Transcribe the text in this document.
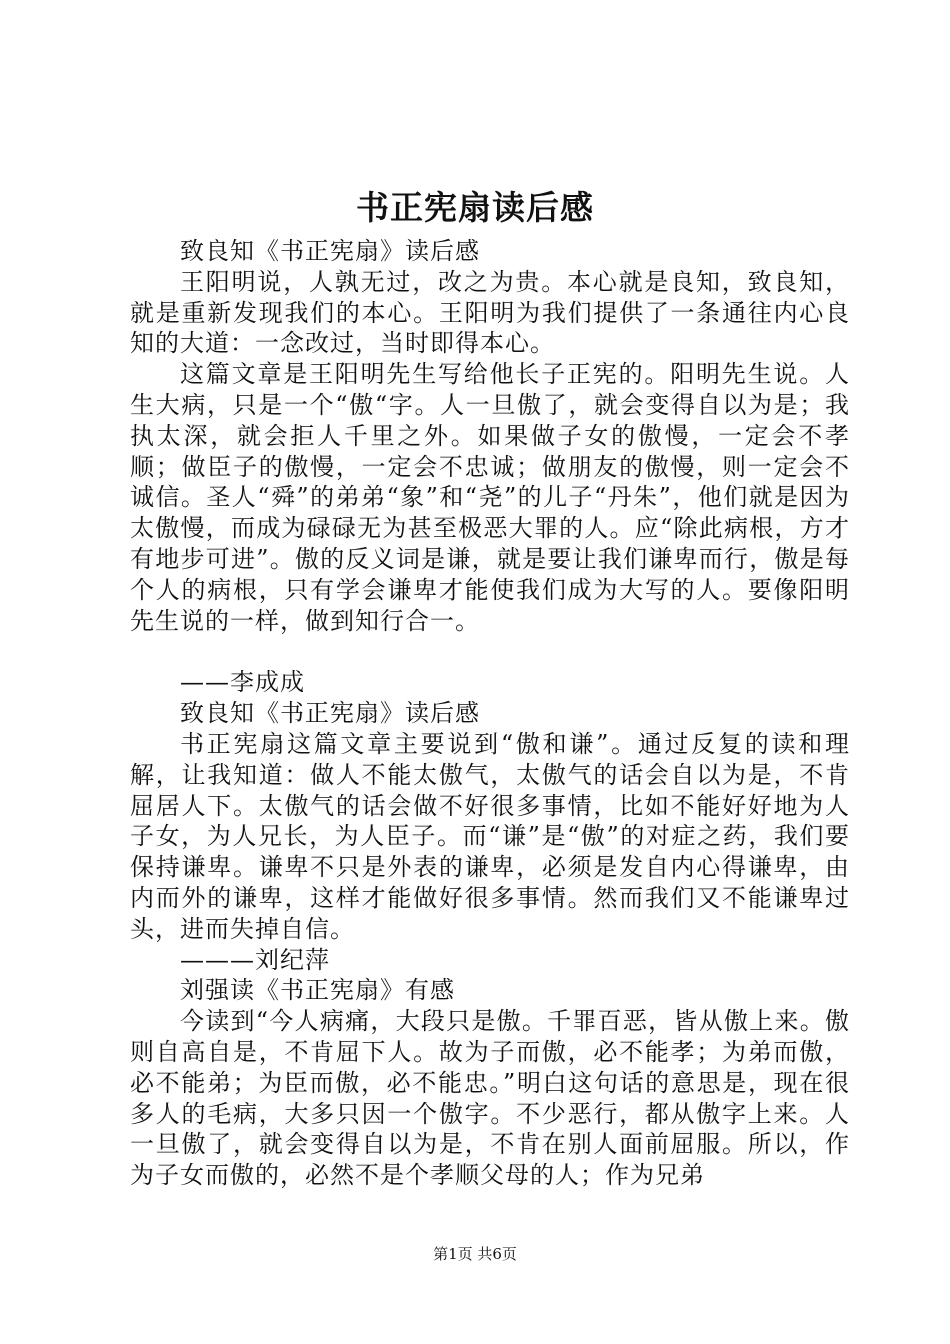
书正宪扇读后感

致良知《书正宪扇》读后感

王阳明说，人孰无过，改之为贵。本心就是良知，致良知，就是重新发现我们的本心。王阳明为我们提供了一条通往内心良知的大道：一念改过，当时即得本心。

这篇文章是王阳明先生写给他长子正宪的。阳明先生说。人生大病，只是一个“傲“字。人一旦傲了，就会变得自以为是；我执太深，就会拒人千里之外。如果做子女的傲慢，一定会不孝顺；做臣子的傲慢，一定会不忠诚；做朋友的傲慢，则一定会不诚信。圣人“舜”的弟弟“象”和“尧”的儿子“丹朱”，他们就是因为太傲慢，而成为碌碌无为甚至极恶大罪的人。应“除此病根，方才有地步可进”。傲的反义词是谦，就是要让我们谦卑而行，傲是每个人的病根，只有学会谦卑才能使我们成为大写的人。要像阳明先生说的一样，做到知行合一。

——李成成

致良知《书正宪扇》读后感

书正宪扇这篇文章主要说到“傲和谦”。通过反复的读和理解，让我知道：做人不能太傲气，太傲气的话会自以为是，不肯屈居人下。太傲气的话会做不好很多事情，比如不能好好地为人子女，为人兄长，为人臣子。而“谦”是“傲”的对症之药，我们要保持谦卑。谦卑不只是外表的谦卑，必须是发自内心得谦卑，由内而外的谦卑，这样才能做好很多事情。然而我们又不能谦卑过头，进而失掉自信。

———刘纪萍

刘强读《书正宪扇》有感

今读到“今人病痛，大段只是傲。千罪百恶，皆从傲上来。傲则自高自是，不肯屈下人。故为子而傲，必不能孝；为弟而傲，必不能弟；为臣而傲，必不能忠。”明白这句话的意思是，现在很多人的毛病，大多只因一个傲字。不少恶行，都从傲字上来。人一旦傲了，就会变得自以为是，不肯在别人面前屈服。所以，作为子女而傲的，必然不是个孝顺父母的人；作为兄弟

第1页 共6页
